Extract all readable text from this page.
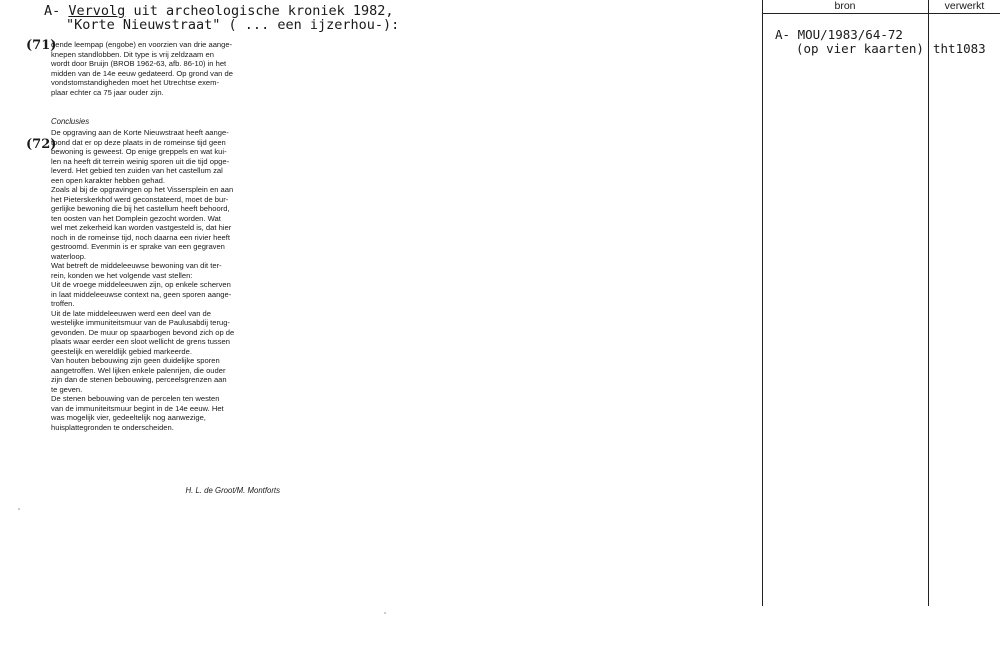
A- Vervolg uit archeologische kroniek 1982,
"Korte Nieuwstraat" ( ... een ijzerhou-):
(71)
(72)
dende leempap (engobe) en voorzien van drie aange-
knepen standlobben. Dit type is vrij zeldzaam en
wordt door Bruijn (BROB 1962-63, afb. 86-10) in het
midden van de 14e eeuw gedateerd. Op grond van de
vondstomstandigheden moet het Utrechtse exem-
plaar echter ca 75 jaar ouder zijn.
Conclusies
De opgraving aan de Korte Nieuwstraat heeft aange-
toond dat er op deze plaats in de romeinse tijd geen
bewoning is geweest. Op enige greppels en wat kui-
len na heeft dit terrein weinig sporen uit die tijd opge-
leverd. Het gebied ten zuiden van het castellum zal
een open karakter hebben gehad.
Zoals al bij de opgravingen op het Vissersplein en aan
het Pieterskerkhof werd geconstateerd, moet de bur-
gerlijke bewoning die bij het castellum heeft behoord,
ten oosten van het Domplein gezocht worden. Wat
wel met zekerheid kan worden vastgesteld is, dat hier
noch in de romeinse tijd, noch daarna een rivier heeft
gestroomd. Evenmin is er sprake van een gegraven
waterloop.
Wat betreft de middeleeuwse bewoning van dit ter-
rein, konden we het volgende vast stellen:
Uit de vroege middeleeuwen zijn, op enkele scherven
in laat middeleeuwse context na, geen sporen aange-
troffen.
Uit de late middeleeuwen werd een deel van de
westelijke immuniteitsmuur van de Paulusabdij terug-
gevonden. De muur op spaarbogen bevond zich op de
plaats waar eerder een sloot wellicht de grens tussen
geestelijk en wereldlijk gebied markeerde.
Van houten bebouwing zijn geen duidelijke sporen
aangetroffen. Wel lijken enkele palenrijen, die ouder
zijn dan de stenen bebouwing, perceelsgrenzen aan
te geven.
De stenen bebouwing van de percelen ten westen
van de immuniteitsmuur begint in de 14e eeuw. Het
was mogelijk vier, gedeeltelijk nog aanwezige,
huisplattegronden te onderscheiden.
H. L. de Groot/M. Montforts
bron	verwerkt
A- MOU/1983/64-72
(op vier kaarten) tht1083
